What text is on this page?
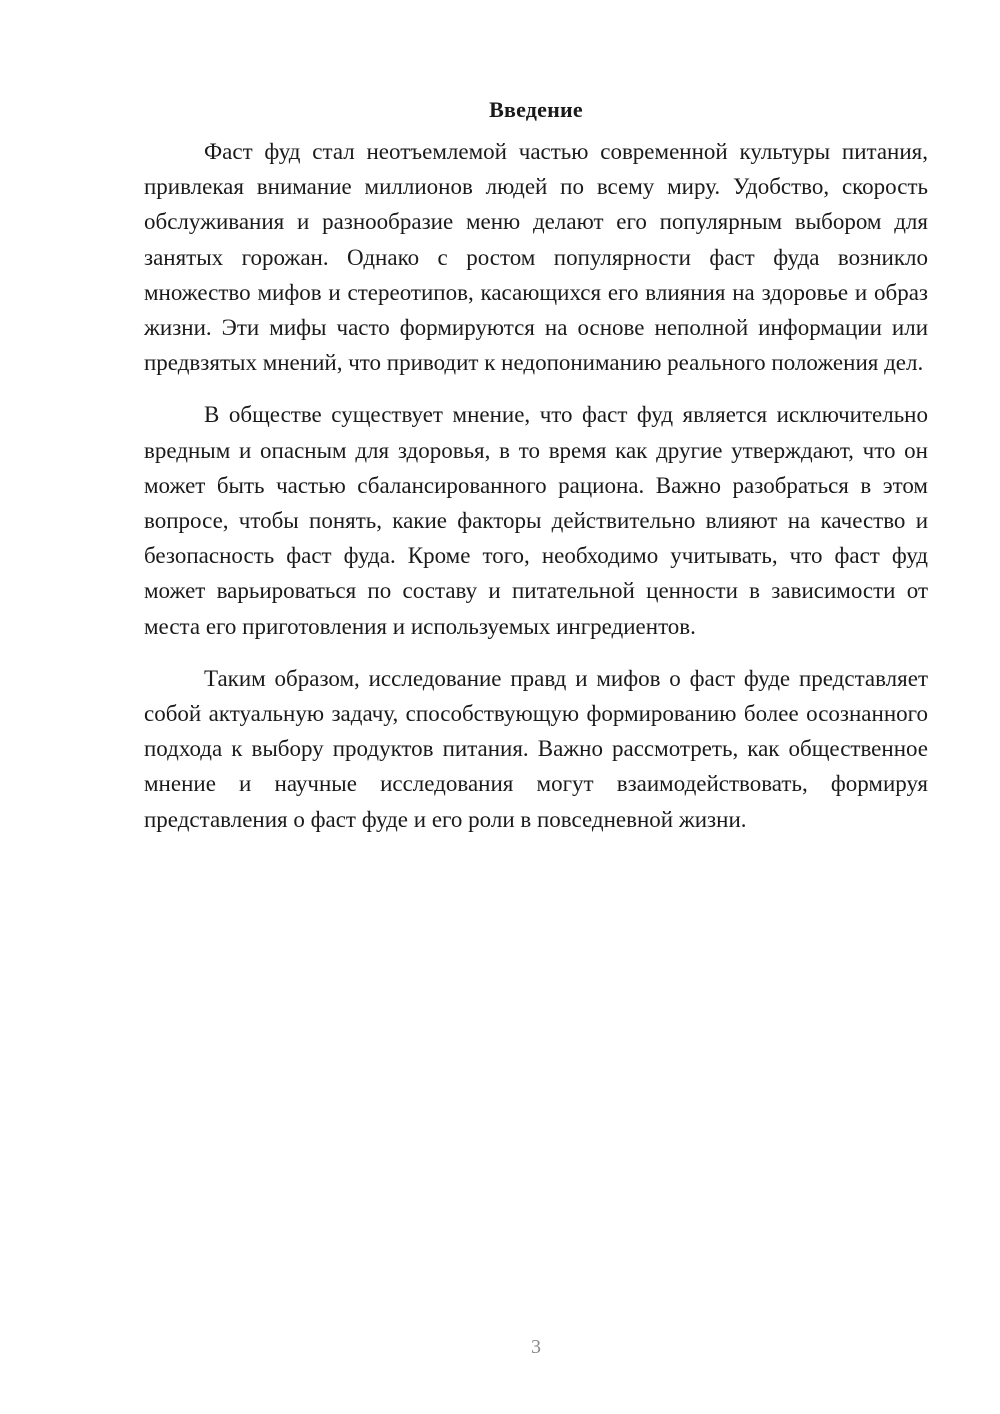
Введение

Фаст фуд стал неотъемлемой частью современной культуры питания, привлекая внимание миллионов людей по всему миру. Удобство, скорость обслуживания и разнообразие меню делают его популярным выбором для занятых горожан. Однако с ростом популярности фаст фуда возникло множество мифов и стереотипов, касающихся его влияния на здоровье и образ жизни. Эти мифы часто формируются на основе неполной информации или предвзятых мнений, что приводит к недопониманию реального положения дел.

В обществе существует мнение, что фаст фуд является исключительно вредным и опасным для здоровья, в то время как другие утверждают, что он может быть частью сбалансированного рациона. Важно разобраться в этом вопросе, чтобы понять, какие факторы действительно влияют на качество и безопасность фаст фуда. Кроме того, необходимо учитывать, что фаст фуд может варьироваться по составу и питательной ценности в зависимости от места его приготовления и используемых ингредиентов.

Таким образом, исследование правд и мифов о фаст фуде представляет собой актуальную задачу, способствующую формированию более осознанного подхода к выбору продуктов питания. Важно рассмотреть, как общественное мнение и научные исследования могут взаимодействовать, формируя представления о фаст фуде и его роли в повседневной жизни.

3
